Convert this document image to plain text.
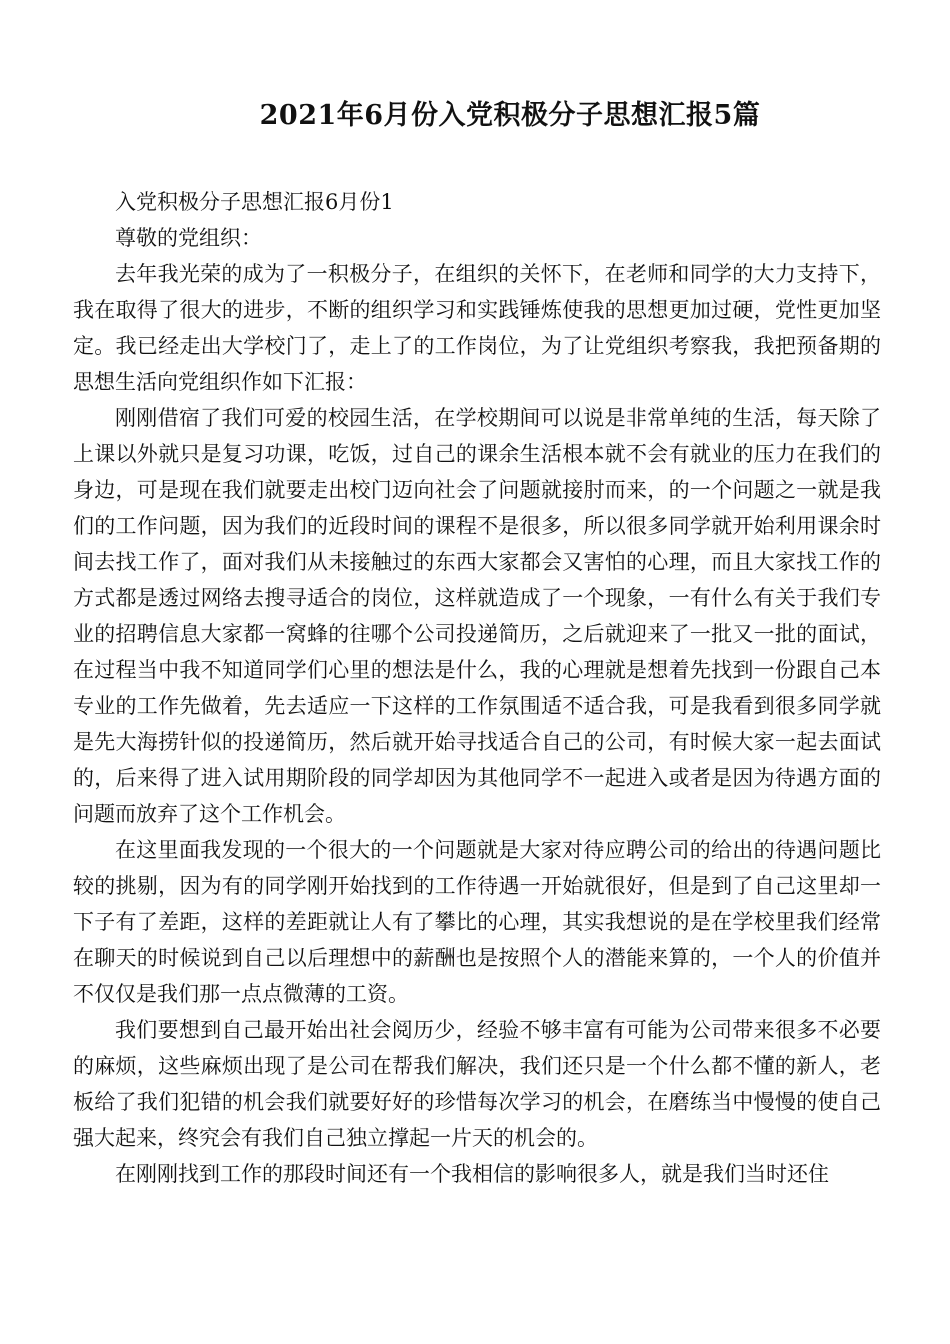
2021年6月份入党积极分子思想汇报5篇

入党积极分子思想汇报6月份1

尊敬的党组织：

去年我光荣的成为了一积极分子，在组织的关怀下，在老师和同学的大力支持下，我在取得了很大的进步，不断的组织学习和实践锤炼使我的思想更加过硬，党性更加坚定。我已经走出大学校门了，走上了的工作岗位，为了让党组织考察我，我把预备期的思想生活向党组织作如下汇报：

刚刚借宿了我们可爱的校园生活，在学校期间可以说是非常单纯的生活，每天除了上课以外就只是复习功课，吃饭，过自己的课余生活根本就不会有就业的压力在我们的身边，可是现在我们就要走出校门迈向社会了问题就接肘而来，的一个问题之一就是我们的工作问题，因为我们的近段时间的课程不是很多，所以很多同学就开始利用课余时间去找工作了，面对我们从未接触过的东西大家都会又害怕的心理，而且大家找工作的方式都是透过网络去搜寻适合的岗位，这样就造成了一个现象，一有什么有关于我们专业的招聘信息大家都一窝蜂的往哪个公司投递简历，之后就迎来了一批又一批的面试，在过程当中我不知道同学们心里的想法是什么，我的心理就是想着先找到一份跟自己本专业的工作先做着，先去适应一下这样的工作氛围适不适合我，可是我看到很多同学就是先大海捞针似的投递简历，然后就开始寻找适合自己的公司，有时候大家一起去面试的，后来得了进入试用期阶段的同学却因为其他同学不一起进入或者是因为待遇方面的问题而放弃了这个工作机会。

在这里面我发现的一个很大的一个问题就是大家对待应聘公司的给出的待遇问题比较的挑剔，因为有的同学刚开始找到的工作待遇一开始就很好，但是到了自己这里却一下子有了差距，这样的差距就让人有了攀比的心理，其实我想说的是在学校里我们经常在聊天的时候说到自己以后理想中的薪酬也是按照个人的潜能来算的，一个人的价值并不仅仅是我们那一点点微薄的工资。

我们要想到自己最开始出社会阅历少，经验不够丰富有可能为公司带来很多不必要的麻烦，这些麻烦出现了是公司在帮我们解决，我们还只是一个什么都不懂的新人，老板给了我们犯错的机会我们就要好好的珍惜每次学习的机会，在磨练当中慢慢的使自己强大起来，终究会有我们自己独立撑起一片天的机会的。

在刚刚找到工作的那段时间还有一个我相信的影响很多人，就是我们当时还住
